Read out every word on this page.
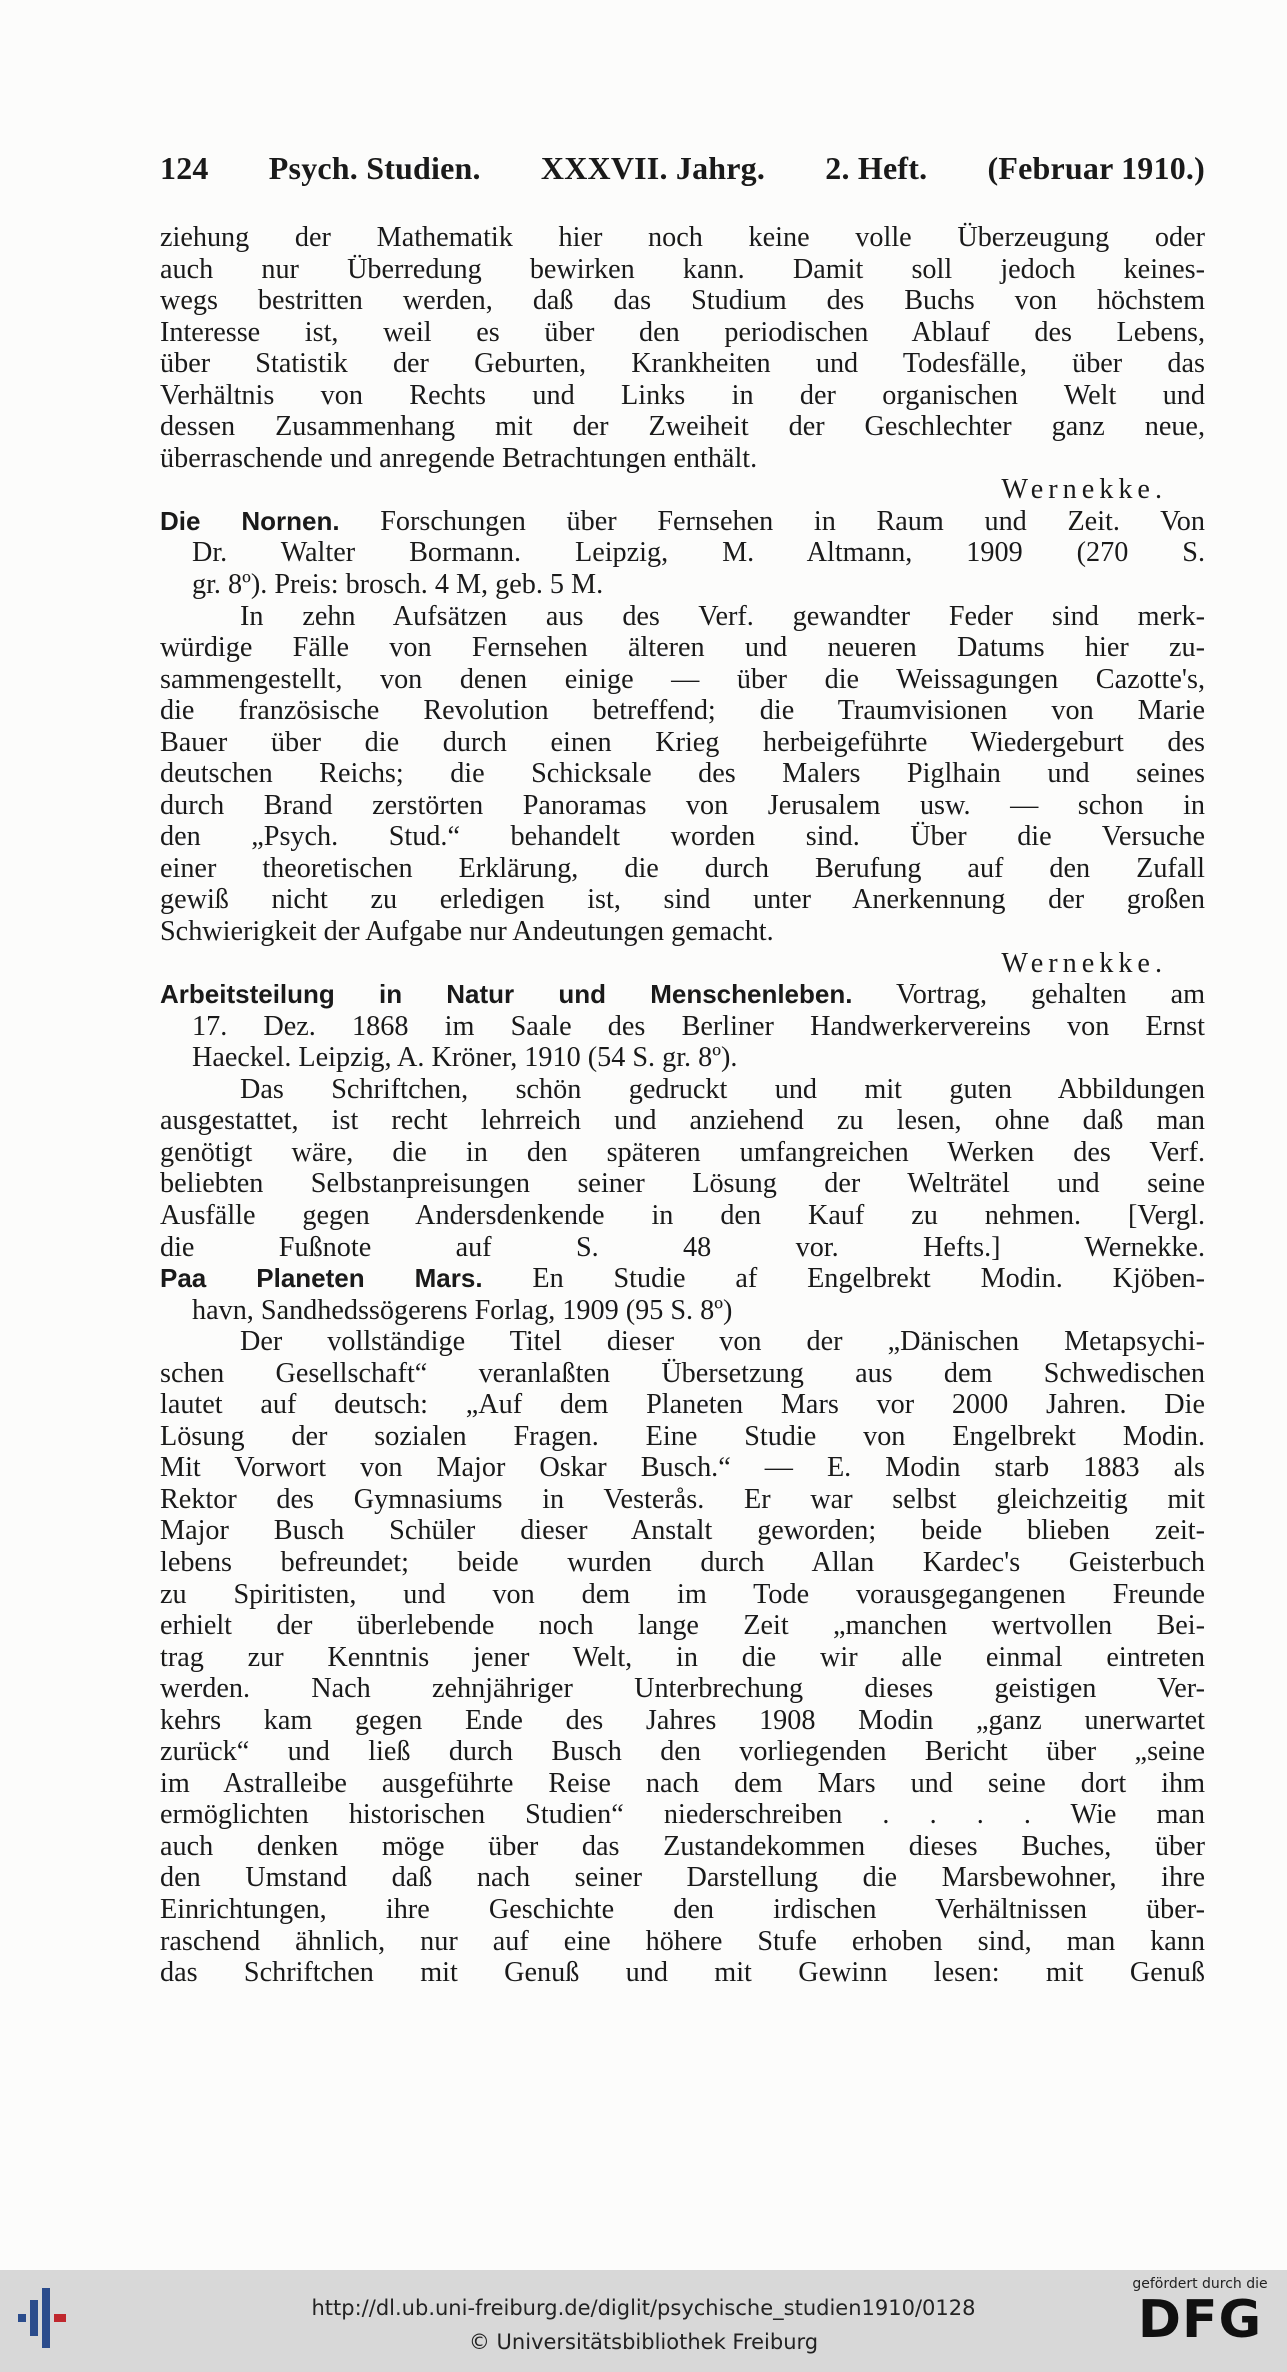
124 Psych. Studien. XXXVII. Jahrg. 2. Heft. (Februar 1910.)
ziehung der Mathematik hier noch keine volle Überzeugung oder
auch nur Überredung bewirken kann. Damit soll jedoch keines-
wegs bestritten werden, daß das Studium des Buchs von höchstem
Interesse ist, weil es über den periodischen Ablauf des Lebens,
über Statistik der Geburten, Krankheiten und Todesfälle, über das
Verhältnis von Rechts und Links in der organischen Welt und
dessen Zusammenhang mit der Zweiheit der Geschlechter ganz neue,
überraschende und anregende Betrachtungen enthält.
Wernekke.
Die Nornen. Forschungen über Fernsehen in Raum und Zeit. Von
Dr. Walter Bormann. Leipzig, M. Altmann, 1909 (270 S.
gr. 8º). Preis: brosch. 4 M, geb. 5 M.
In zehn Aufsätzen aus des Verf. gewandter Feder sind merk-
würdige Fälle von Fernsehen älteren und neueren Datums hier zu-
sammengestellt, von denen einige — über die Weissagungen Cazotte's,
die französische Revolution betreffend; die Traumvisionen von Marie
Bauer über die durch einen Krieg herbeigeführte Wiedergeburt des
deutschen Reichs; die Schicksale des Malers Piglhain und seines
durch Brand zerstörten Panoramas von Jerusalem usw. — schon in
den „Psych. Stud.“ behandelt worden sind. Über die Versuche
einer theoretischen Erklärung, die durch Berufung auf den Zufall
gewiß nicht zu erledigen ist, sind unter Anerkennung der großen
Schwierigkeit der Aufgabe nur Andeutungen gemacht.
Wernekke.
Arbeitsteilung in Natur und Menschenleben. Vortrag, gehalten am
17. Dez. 1868 im Saale des Berliner Handwerkervereins von Ernst
Haeckel. Leipzig, A. Kröner, 1910 (54 S. gr. 8º).
Das Schriftchen, schön gedruckt und mit guten Abbildungen
ausgestattet, ist recht lehrreich und anziehend zu lesen, ohne daß man
genötigt wäre, die in den späteren umfangreichen Werken des Verf.
beliebten Selbstanpreisungen seiner Lösung der Welträtel und seine
Ausfälle gegen Andersdenkende in den Kauf zu nehmen. [Vergl.
die Fußnote auf S. 48 vor. Hefts.] Wernekke.
Paa Planeten Mars. En Studie af Engelbrekt Modin. Kjöben-
havn, Sandhedssögerens Forlag, 1909 (95 S. 8º)
Der vollständige Titel dieser von der „Dänischen Metapsychi-
schen Gesellschaft“ veranlaßten Übersetzung aus dem Schwedischen
lautet auf deutsch: „Auf dem Planeten Mars vor 2000 Jahren. Die
Lösung der sozialen Fragen. Eine Studie von Engelbrekt Modin.
Mit Vorwort von Major Oskar Busch.“ — E. Modin starb 1883 als
Rektor des Gymnasiums in Vesterås. Er war selbst gleichzeitig mit
Major Busch Schüler dieser Anstalt geworden; beide blieben zeit-
lebens befreundet; beide wurden durch Allan Kardec's Geisterbuch
zu Spiritisten, und von dem im Tode vorausgegangenen Freunde
erhielt der überlebende noch lange Zeit „manchen wertvollen Bei-
trag zur Kenntnis jener Welt, in die wir alle einmal eintreten
werden. Nach zehnjähriger Unterbrechung dieses geistigen Ver-
kehrs kam gegen Ende des Jahres 1908 Modin „ganz unerwartet
zurück“ und ließ durch Busch den vorliegenden Bericht über „seine
im Astralleibe ausgeführte Reise nach dem Mars und seine dort ihm
ermöglichten historischen Studien“ niederschreiben . . . . Wie man
auch denken möge über das Zustandekommen dieses Buches, über
den Umstand daß nach seiner Darstellung die Marsbewohner, ihre
Einrichtungen, ihre Geschichte den irdischen Verhältnissen über-
raschend ähnlich, nur auf eine höhere Stufe erhoben sind, man kann
das Schriftchen mit Genuß und mit Gewinn lesen: mit Genuß
http://dl.ub.uni-freiburg.de/diglit/psychische_studien1910/0128
© Universitätsbibliothek Freiburg
gefördert durch die
DFG
